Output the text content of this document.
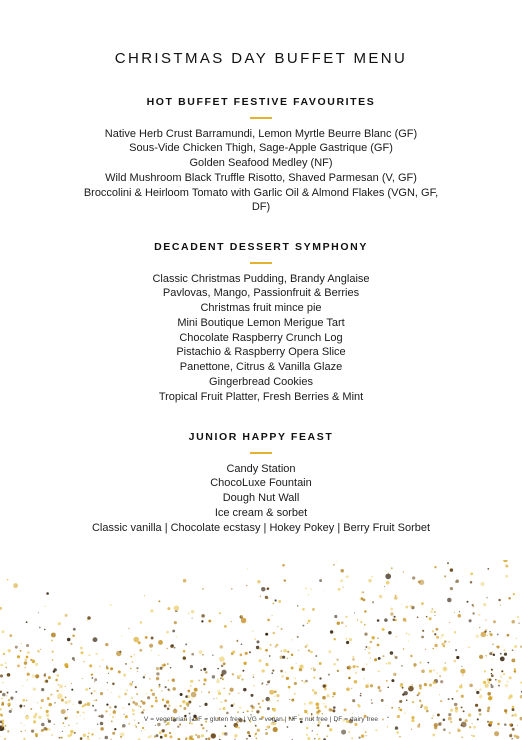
CHRISTMAS DAY BUFFET MENU
HOT BUFFET FESTIVE FAVOURITES
Native Herb Crust Barramundi, Lemon Myrtle Beurre Blanc (GF)
Sous-Vide Chicken Thigh, Sage-Apple Gastrique (GF)
Golden Seafood Medley (NF)
Wild Mushroom Black Truffle Risotto, Shaved Parmesan (V, GF)
Broccolini & Heirloom Tomato with Garlic Oil & Almond Flakes (VGN, GF, DF)
DECADENT DESSERT SYMPHONY
Classic Christmas Pudding, Brandy Anglaise
Pavlovas, Mango, Passionfruit & Berries
Christmas fruit mince pie
Mini Boutique Lemon Merigue Tart
Chocolate Raspberry Crunch Log
Pistachio & Raspberry Opera Slice
Panettone, Citrus & Vanilla Glaze
Gingerbread Cookies
Tropical Fruit Platter, Fresh Berries & Mint
JUNIOR HAPPY FEAST
Candy Station
ChocoLuxe Fountain
Dough Nut Wall
Ice cream & sorbet
Classic vanilla | Chocolate ecstasy | Hokey Pokey | Berry Fruit Sorbet
V = vegetarian | GF = gluten free | VG = vegan | NF = nut free | DF = dairy free
